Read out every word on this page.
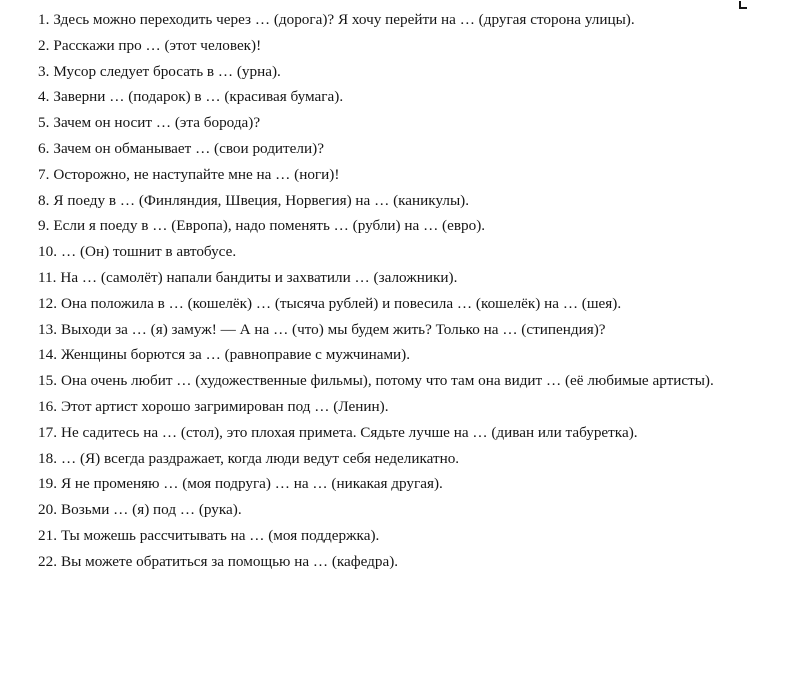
1. Здесь можно переходить через … (дорога)? Я хочу перейти на … (другая сторона улицы).

2. Расскажи про … (этот человек)!

3. Мусор следует бросать в … (урна).

4. Заверни … (подарок) в … (красивая бумага).

5. Зачем он носит … (эта борода)?

6. Зачем он обманывает … (свои родители)?

7. Осторожно, не наступайте мне на … (ноги)!

8. Я поеду в … (Финляндия, Швеция, Норвегия) на … (каникулы).

9. Если я поеду в … (Европа), надо поменять … (рубли) на … (евро).

10. … (Он) тошнит в автобусе.

11. На … (самолёт) напали бандиты и захватили … (заложники).

12. Она положила в … (кошелёк) … (тысяча рублей) и повесила … (кошелёк) на … (шея).

13. Выходи за … (я) замуж! — А на … (что) мы будем жить? Только на … (стипендия)?

14. Женщины борются за … (равноправие с мужчинами).

15. Она очень любит … (художественные фильмы), потому что там она видит … (её любимые артисты).

16. Этот артист хорошо загримирован под … (Ленин).

17. Не садитесь на … (стол), это плохая примета. Сядьте лучше на … (диван или табуретка).

18. … (Я) всегда раздражает, когда люди ведут себя неделикатно.

19. Я не променяю … (моя подруга) … на … (никакая другая).

20. Возьми … (я) под … (рука).

21. Ты можешь рассчитывать на … (моя поддержка).

22. Вы можете обратиться за помощью на … (кафедра).
